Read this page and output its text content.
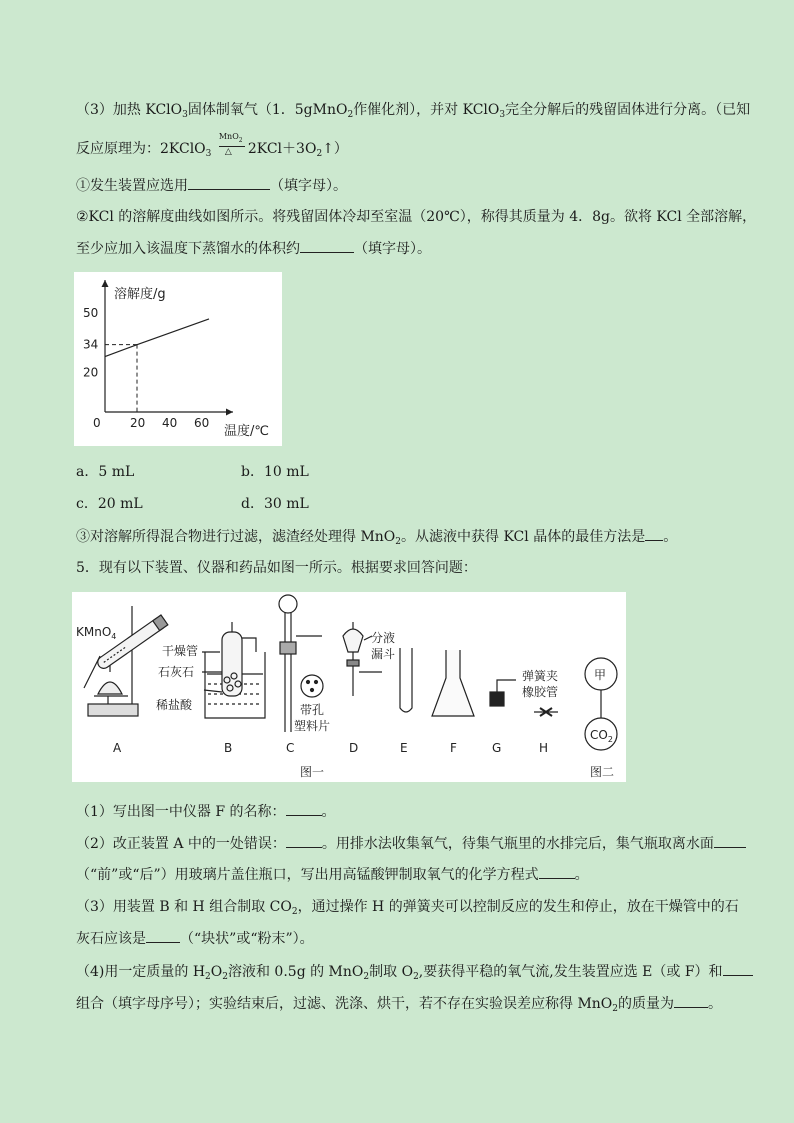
（3）加热 KClO$_3$固体制氧气（1．5gMnO$_2$作催化剂），并对 KClO$_3$完全分解后的残留固体进行分离。（已知
反应原理为：2KClO$_3$
MnO$_2$
△ $2KCl+3O_2↑$）
①发生装置应选用	（填字母）。
②KCl 的溶解度曲线如图所示。将残留固体冷却至室温（20℃），称得其质量为 4．8g。欲将 KCl 全部溶解，
至少应加入该温度下蒸馏水的体积约	（填字母）。
溶解度/g
温度/℃
0 20 40 60
20
34
50
a．5 mL	b．10 mL
c．20 mL	d．30 mL
③对溶解所得混合物进行过滤，滤渣经处理得 MnO$_2$。从滤液中获得 KCl 晶体的最佳方法是 。
5．现有以下装置、仪器和药品如图一所示。根据要求回答问题：
KMnO$_4$
干燥管
石灰石
稀盐酸	带孔
塑料片
分液
漏斗
弹簧夹
橡胶管
甲
$CO_2$
A	B	C	D	E	F	G	H
图一	图二
（1）写出图一中仪器 F 的名称：	。
（2）改正装置 A 中的一处错误：	。用排水法收集氧气，待集气瓶里的水排完后，集气瓶取离水面
（“前”或“后”）用玻璃片盖住瓶口，写出用高锰酸钾制取氧气的化学方程式	。
（3）用装置 B 和 H 组合制取 $CO_2$，通过操作 H 的弹簧夹可以控制反应的发生和停止，放在干燥管中的石
灰石应该是 （“块状”或“粉末”）。
（4)用一定质量的 $H_2O_2$溶液和 0.5g 的 MnO$_2$制取 $O_2$,要获得平稳的氧气流,发生装置应选 E（或 F）和
组合（填字母序号）；实验结束后，过滤、洗涤、烘干，若不存在实验误差应称得 MnO$_2$的质量为 。
